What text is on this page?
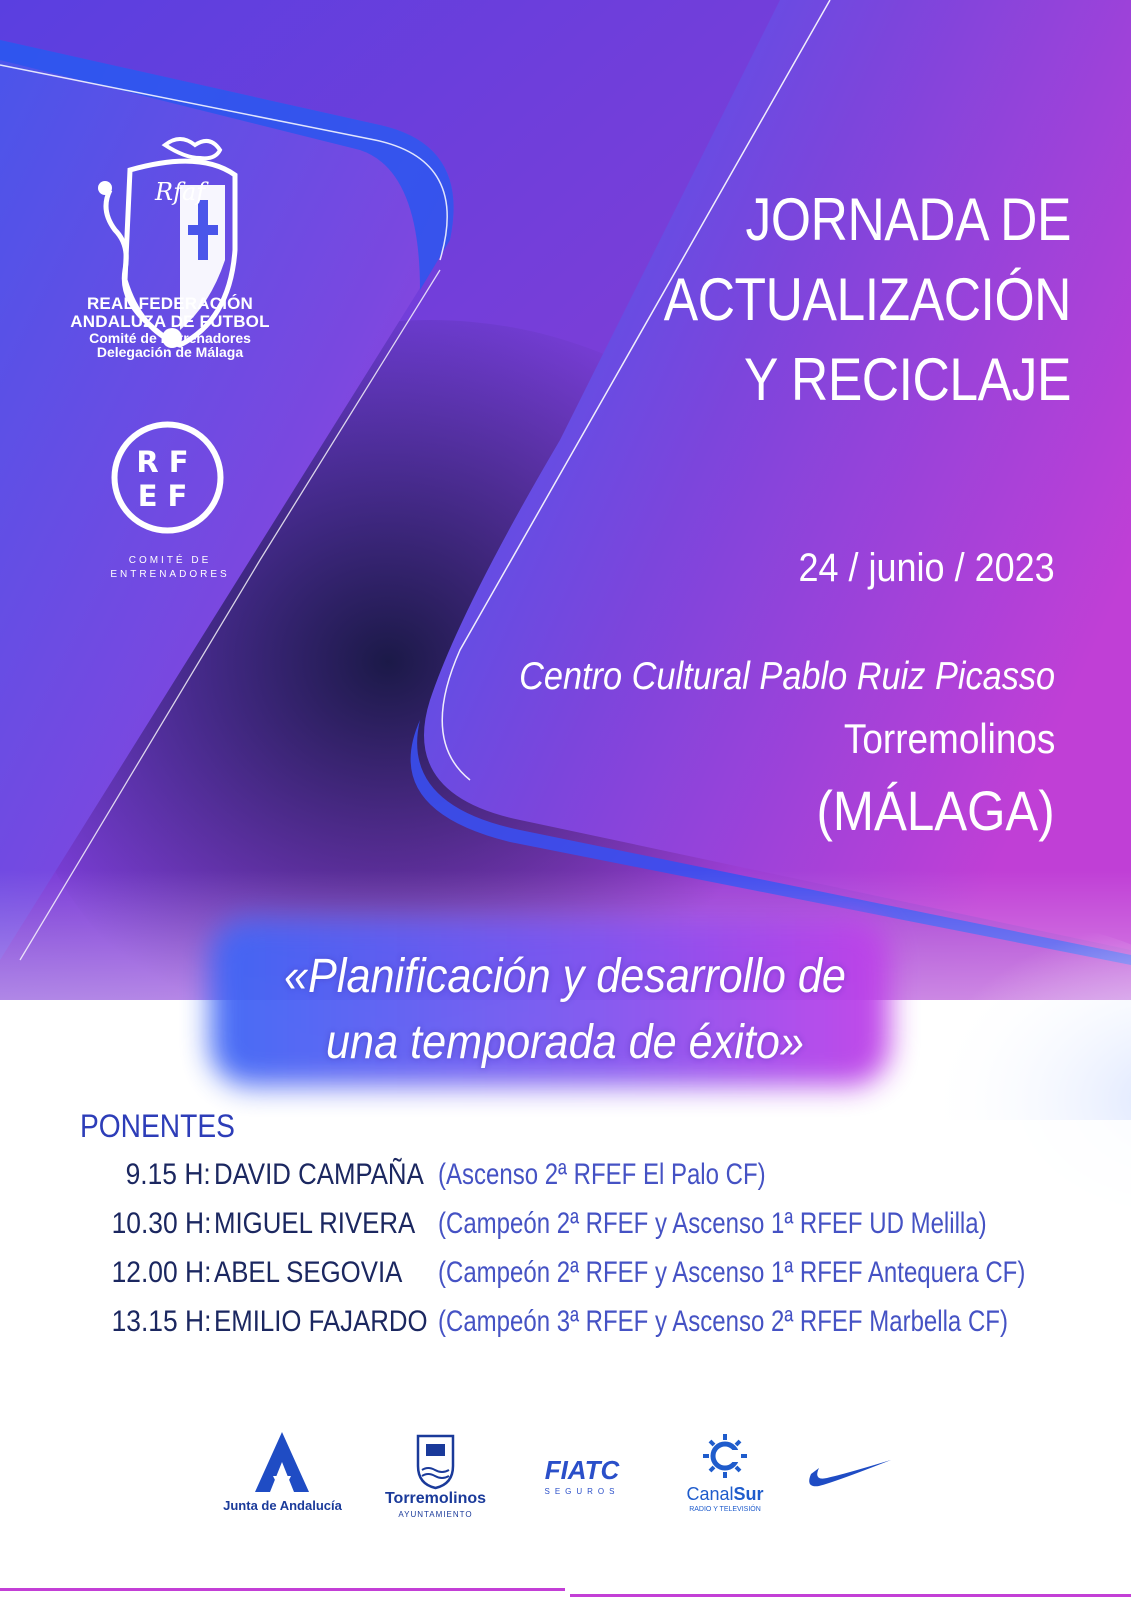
Rfaf
REAL FEDERACIÓN
ANDALUZA DE FÚTBOL
Comité de Entrenadores
Delegación de Málaga
RF
EF
COMITÉ DE
ENTRENADORES
JORNADA DE
ACTUALIZACIÓN
Y RECICLAJE
24 / junio / 2023
Centro Cultural Pablo Ruiz Picasso
Torremolinos
(MÁLAGA)
«Planificación y desarrollo de
una temporada de éxito»
PONENTES
9.15 H: DAVID CAMPAÑA (Ascenso 2ª RFEF El Palo CF)
10.30 H: MIGUEL RIVERA (Campeón 2ª RFEF y Ascenso 1ª RFEF UD Melilla)
12.00 H: ABEL SEGOVIA (Campeón 2ª RFEF y Ascenso 1ª RFEF Antequera CF)
13.15 H: EMILIO FAJARDO (Campeón 3ª RFEF y Ascenso 2ª RFEF Marbella CF)
Junta de Andalucía	Torremolinos
AYUNTAMIENTO
FIATC
SEGUROS	CanalSur
RADIO Y TELEVISIÓN
